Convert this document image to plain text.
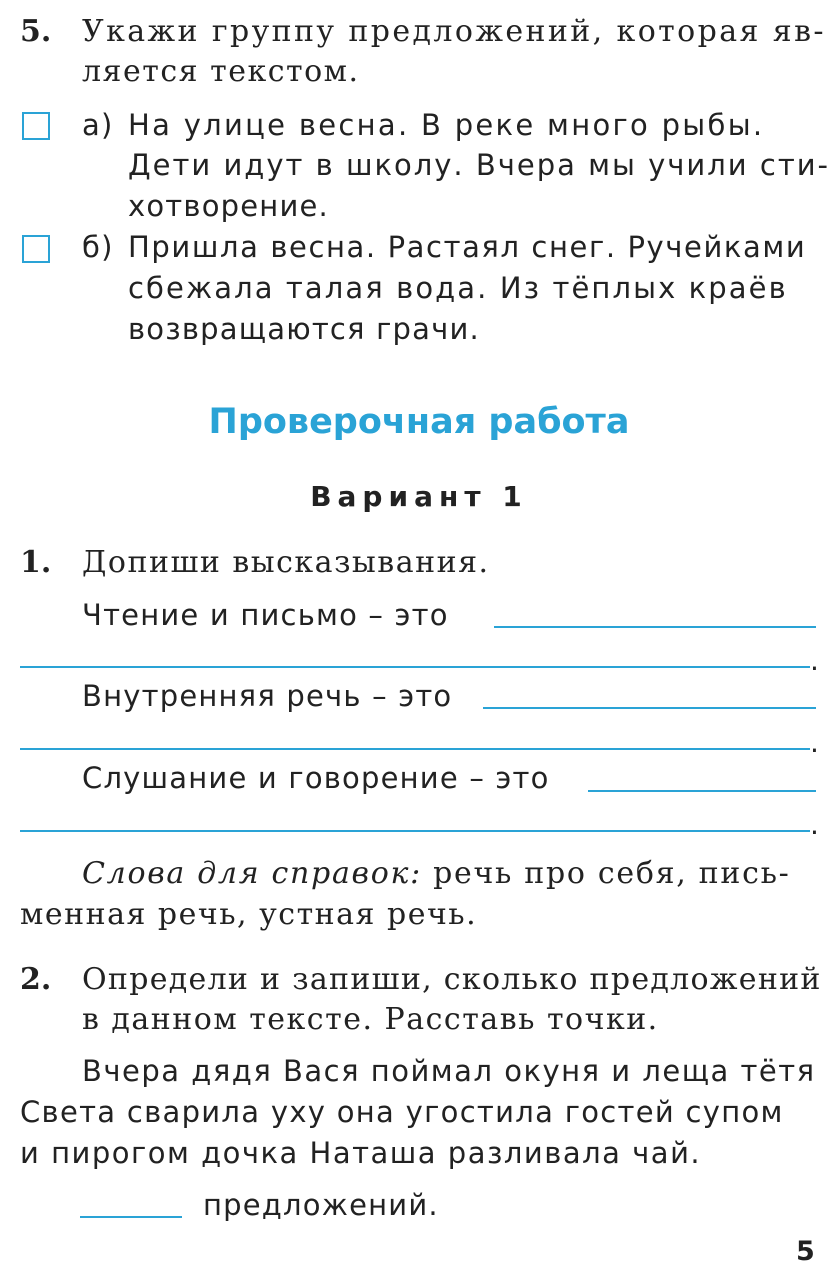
5. Укажи группу предложений, которая яв-
ляется текстом.
а) На улице весна. В реке много рыбы.
Дети идут в школу. Вчера мы учили сти-
хотворение.
б) Пришла весна. Растаял снег. Ручейками
сбежала талая вода. Из тёплых краёв
возвращаются грачи.
Проверочная работа
Вариант 1
1. Допиши высказывания.
Чтение и письмо – это
.
Внутренняя речь – это
.
Слушание и говорение – это
.
Слова для справок: речь про себя, пись-
менная речь, устная речь.
2. Определи и запиши, сколько предложений
в данном тексте. Расставь точки.
Вчера дядя Вася поймал окуня и леща тётя
Света сварила уху она угостила гостей супом
и пирогом дочка Наташа разливала чай.
предложений.
5
